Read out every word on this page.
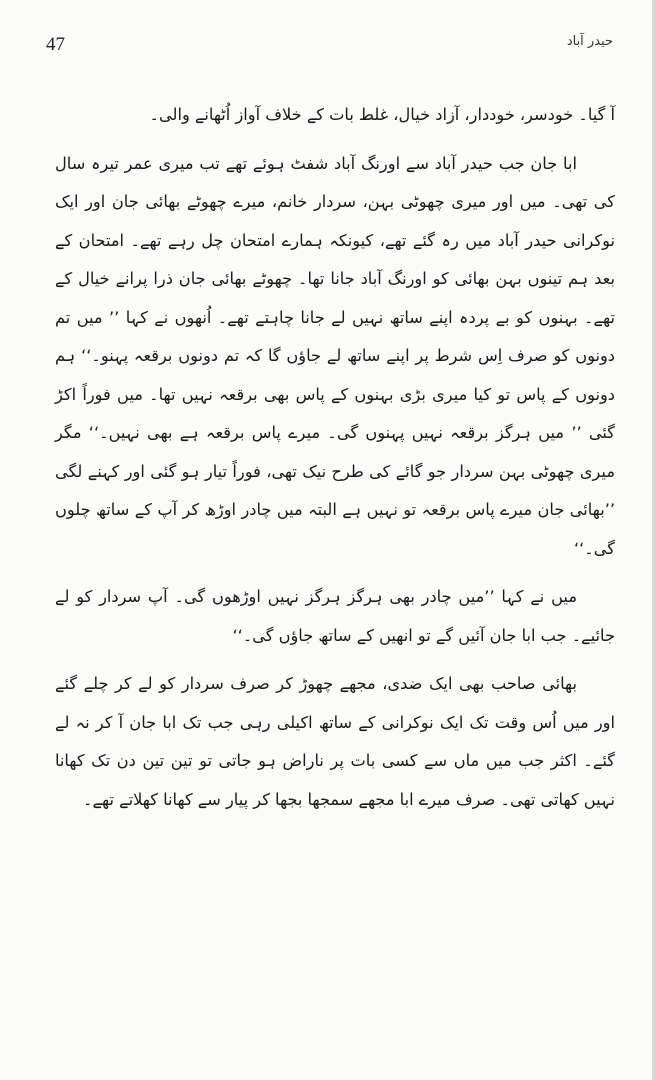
47	حیدر آباد

آ گیا۔ خودسر، خوددار، آزاد خیال، غلط بات کے خلاف آواز اُٹھانے والی۔

ابا جان جب حیدر آباد سے اورنگ آباد شفٹ ہوئے تھے تب میری عمر تیرہ سال کی تھی۔ میں اور میری چھوٹی بہن، سردار خانم، میرے چھوٹے بھائی جان اور ایک نوکرانی حیدر آباد میں رہ گئے تھے، کیونکہ ہمارے امتحان چل رہے تھے۔ امتحان کے بعد ہم تینوں بہن بھائی کو اورنگ آباد جانا تھا۔ چھوٹے بھائی جان ذرا پرانے خیال کے تھے۔ بہنوں کو بے پردہ اپنے ساتھ نہیں لے جانا چاہتے تھے۔ اُنھوں نے کہا ’’ میں تم دونوں کو صرف اِس شرط پر اپنے ساتھ لے جاؤں گا کہ تم دونوں برقعہ پہنو۔‘‘ ہم دونوں کے پاس تو کیا میری بڑی بہنوں کے پاس بھی برقعہ نہیں تھا۔ میں فوراً اکڑ گئی ’’ میں ہرگز برقعہ نہیں پہنوں گی۔ میرے پاس برقعہ ہے بھی نہیں۔‘‘ مگر میری چھوٹی بہن سردار جو گائے کی طرح نیک تھی، فوراً تیار ہو گئی اور کہنے لگی ’’بھائی جان میرے پاس برقعہ تو نہیں ہے البتہ میں چادر اوڑھ کر آپ کے ساتھ چلوں گی۔‘‘

میں نے کہا ’’میں چادر بھی ہرگز ہرگز نہیں اوڑھوں گی۔ آپ سردار کو لے جائیے۔ جب ابا جان آئیں گے تو انھیں کے ساتھ جاؤں گی۔‘‘

بھائی صاحب بھی ایک ضدی، مجھے چھوڑ کر صرف سردار کو لے کر چلے گئے اور میں اُس وقت تک ایک نوکرانی کے ساتھ اکیلی رہی جب تک ابا جان آ کر نہ لے گئے۔ اکثر جب میں ماں سے کسی بات پر ناراض ہو جاتی تو تین تین دن تک کھانا نہیں کھاتی تھی۔ صرف میرے ابا مجھے سمجھا بجھا کر پیار سے کھانا کھلاتے تھے۔
